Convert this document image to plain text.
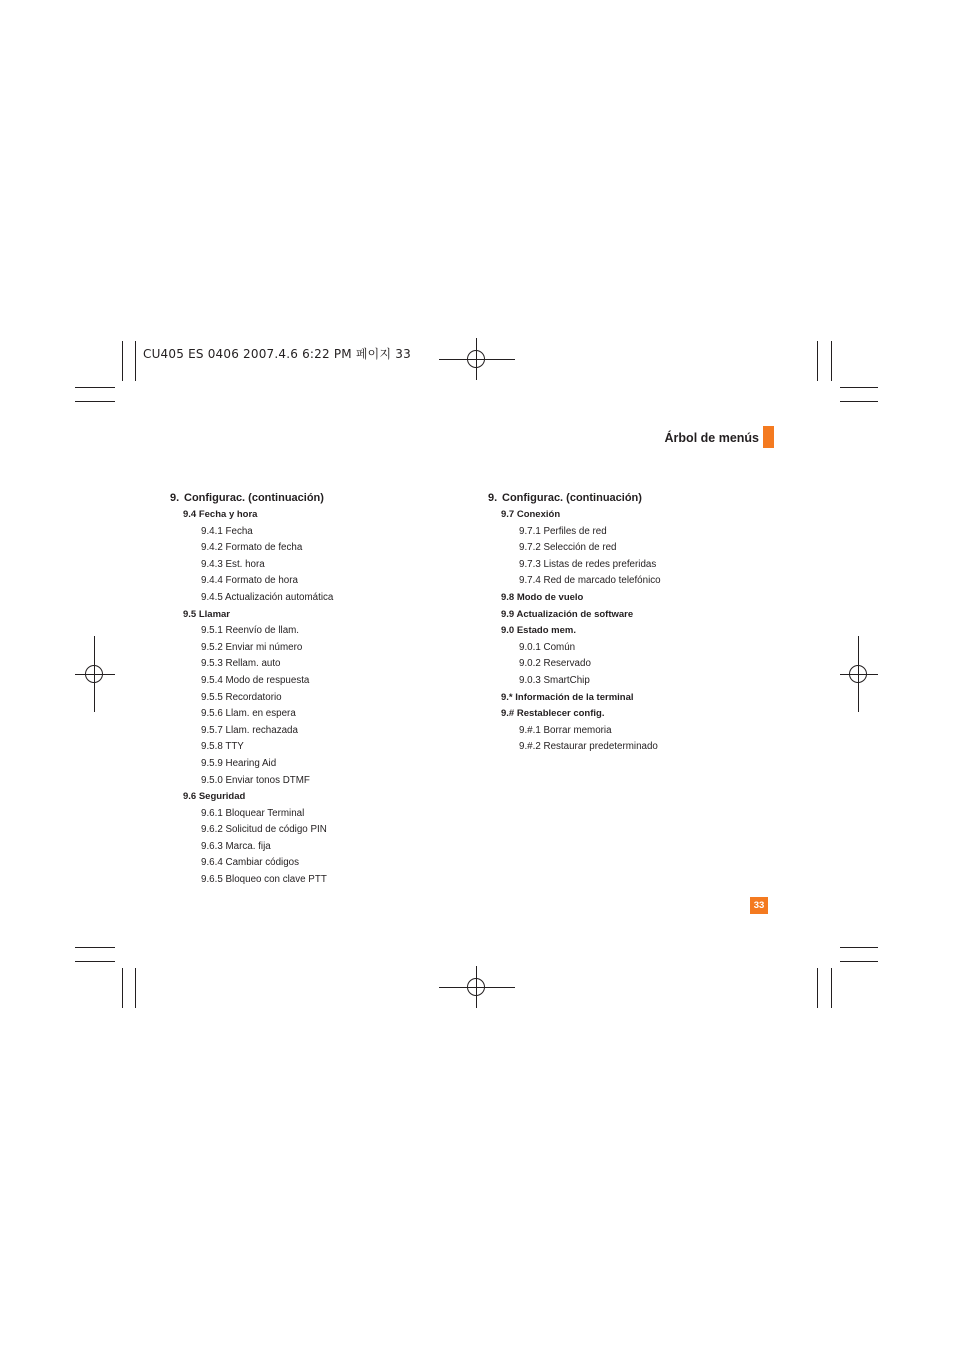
CU405 ES 0406 2007.4.6 6:22 PM 페이지 33
Árbol de menús
9. Configurac. (continuación)
9.4 Fecha y hora
9.4.1 Fecha
9.4.2 Formato de fecha
9.4.3 Est. hora
9.4.4 Formato de hora
9.4.5 Actualización automática
9.5 Llamar
9.5.1 Reenvío de llam.
9.5.2 Enviar mi número
9.5.3 Rellam. auto
9.5.4 Modo de respuesta
9.5.5 Recordatorio
9.5.6 Llam. en espera
9.5.7 Llam. rechazada
9.5.8 TTY
9.5.9 Hearing Aid
9.5.0 Enviar tonos DTMF
9.6 Seguridad
9.6.1 Bloquear Terminal
9.6.2 Solicitud de código PIN
9.6.3 Marca. fija
9.6.4 Cambiar códigos
9.6.5 Bloqueo con clave PTT
9. Configurac. (continuación)
9.7 Conexión
9.7.1 Perfiles de red
9.7.2 Selección de red
9.7.3 Listas de redes preferidas
9.7.4 Red de marcado telefónico
9.8 Modo de vuelo
9.9 Actualización de software
9.0 Estado mem.
9.0.1 Común
9.0.2 Reservado
9.0.3 SmartChip
9.* Información de la terminal
9.# Restablecer config.
9.#.1 Borrar memoria
9.#.2 Restaurar predeterminado
33
